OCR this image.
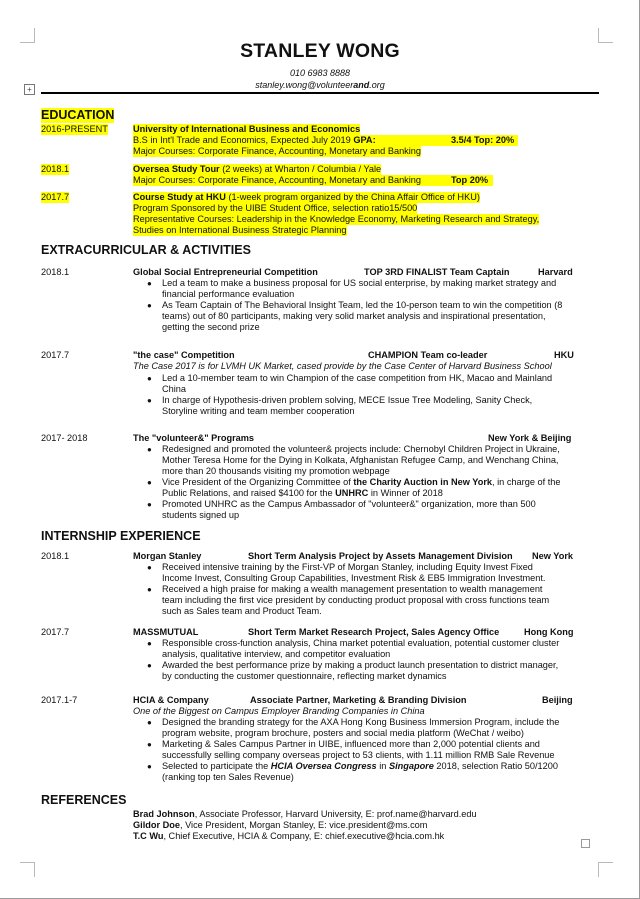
+
STANLEY WONG
010 6983 8888
stanley.wong@volunteerand.org
EDUCATION
2016-PRESENT	University of International Business and Economics
B.S in Int'l Trade and Economics, Expected July 2019 GPA:	3.5/4 Top: 20%
Major Courses: Corporate Finance, Accounting, Monetary and Banking
2018.1	Oversea Study Tour (2 weeks) at Wharton / Columbia / Yale
Major Courses: Corporate Finance, Accounting, Monetary and Banking	Top 20%
2017.7	Course Study at HKU (1-week program organized by the China Affair Office of HKU)
Program Sponsored by the UIBE Student Office, selection ratio15/500
Representative Courses: Leadership in the Knowledge Economy, Marketing Research and Strategy,
Studies on International Business Strategic Planning
EXTRACURRICULAR & ACTIVITIES
2018.1	Global Social Entrepreneurial Competition	TOP 3RD FINALIST Team Captain	Harvard
● Led a team to make a business proposal for US social enterprise, by making market strategy and
financial performance evaluation
● As Team Captain of The Behavioral Insight Team, led the 10-person team to win the competition (8
teams) out of 80 participants, making very solid market analysis and inspirational presentation,
getting the second prize
2017.7	"the case" Competition	CHAMPION Team co-leader	HKU
The Case 2017 is for LVMH UK Market, cased provide by the Case Center of Harvard Business School
● Led a 10-member team to win Champion of the case competition from HK, Macao and Mainland
China
● In charge of Hypothesis-driven problem solving, MECE Issue Tree Modeling, Sanity Check,
Storyline writing and team member cooperation
2017- 2018	The "volunteer&" Programs	New York & Beijing
● Redesigned and promoted the volunteer& projects include: Chernobyl Children Project in Ukraine,
Mother Teresa Home for the Dying in Kolkata, Afghanistan Refugee Camp, and Wenchang China,
more than 20 thousands visiting my promotion webpage
● Vice President of the Organizing Committee of the Charity Auction in New York, in charge of the
Public Relations, and raised $4100 for the UNHRC in Winner of 2018
● Promoted UNHRC as the Campus Ambassador of "volunteer&" organization, more than 500
students signed up
INTERNSHIP EXPERIENCE
2018.1	Morgan Stanley	Short Term Analysis Project by Assets Management Division New York
● Received intensive training by the First-VP of Morgan Stanley, including Equity Invest Fixed
Income Invest, Consulting Group Capabilities, Investment Risk & EB5 Immigration Investment.
● Received a high praise for making a wealth management presentation to wealth management
team including the first vice president by conducting product proposal with cross functions team
such as Sales team and Product Team.
2017.7	MASSMUTUAL	Short Term Market Research Project, Sales Agency Office	Hong Kong
● Responsible cross-function analysis, China market potential evaluation, potential customer cluster
analysis, qualitative interview, and competitor evaluation
● Awarded the best performance prize by making a product launch presentation to district manager,
by conducting the customer questionnaire, reflecting market dynamics
2017.1-7	HCIA & Company	Associate Partner, Marketing & Branding Division	Beijing
One of the Biggest on Campus Employer Branding Companies in China
● Designed the branding strategy for the AXA Hong Kong Business Immersion Program, include the
program website, program brochure, posters and social media platform (WeChat / weibo)
● Marketing & Sales Campus Partner in UIBE, influenced more than 2,000 potential clients and
successfully selling company overseas project to 53 clients, with 1.11 million RMB Sale Revenue
● Selected to participate the HCIA Oversea Congress in Singapore 2018, selection Ratio 50/1200
(ranking top ten Sales Revenue)
REFERENCES
Brad Johnson, Associate Professor, Harvard University, E: prof.name@harvard.edu
Gildor Doe, Vice President, Morgan Stanley, E: vice.president@ms.com
T.C Wu, Chief Executive, HCIA & Company, E: chief.executive@hcia.com.hk
